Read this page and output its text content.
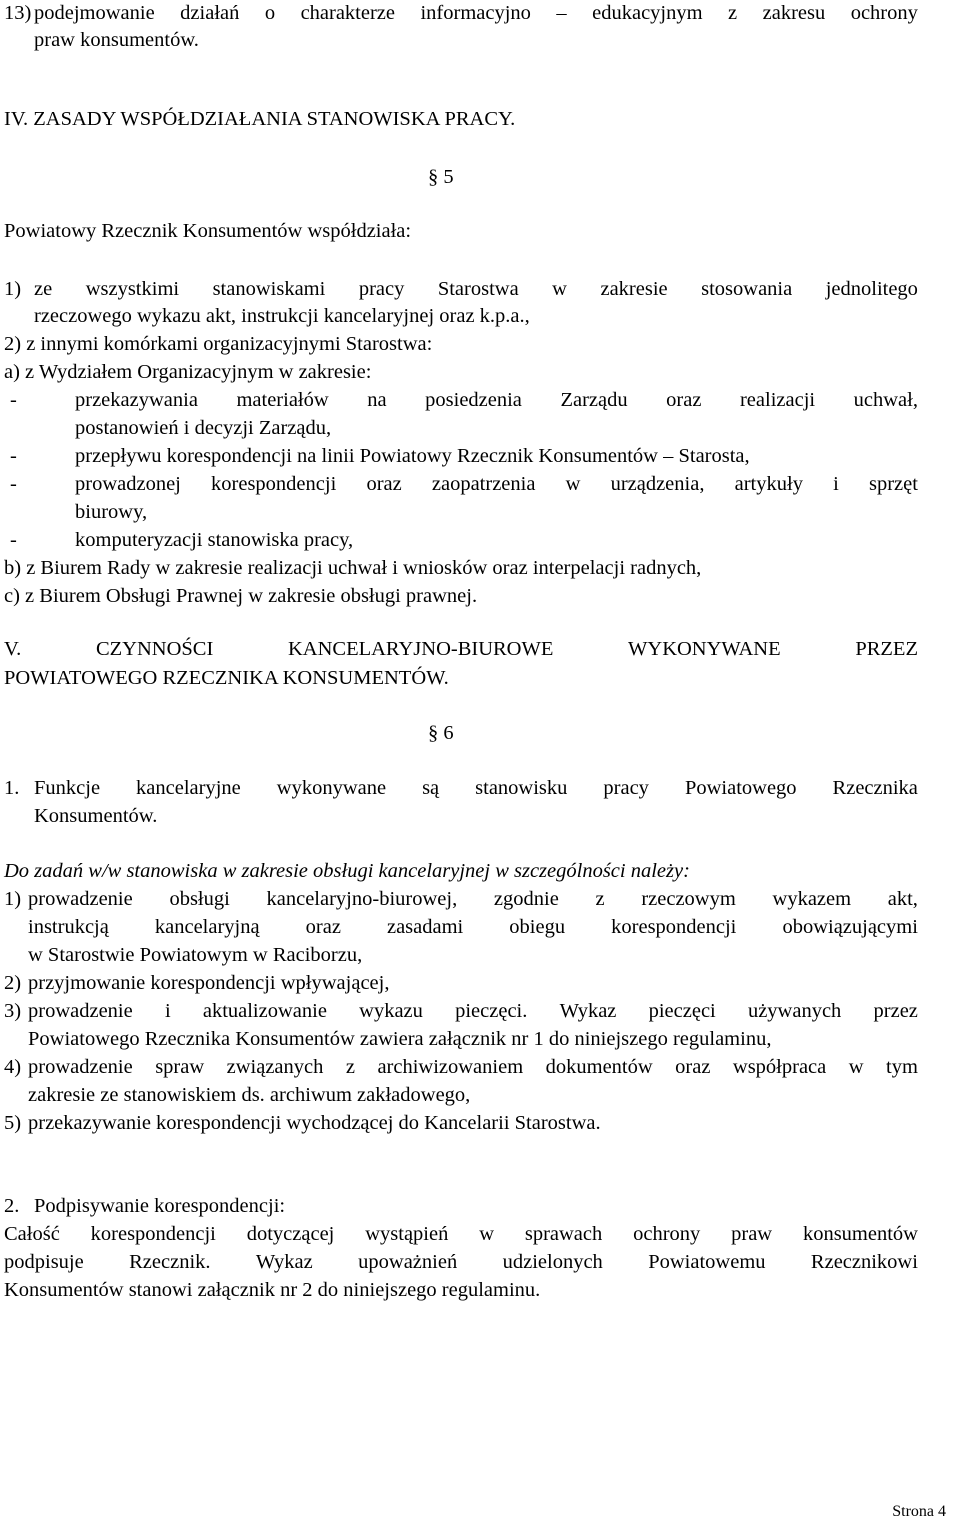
13) podejmowanie działań o charakterze informacyjno – edukacyjnym z zakresu ochrony
praw konsumentów.
IV. ZASADY WSPÓŁDZIAŁANIA STANOWISKA PRACY.
§ 5
Powiatowy Rzecznik Konsumentów współdziała:
1) ze wszystkimi stanowiskami pracy Starostwa w zakresie stosowania jednolitego
rzeczowego wykazu akt, instrukcji kancelaryjnej oraz k.p.a.,
2) z innymi komórkami organizacyjnymi Starostwa:
a) z Wydziałem Organizacyjnym w zakresie:
-	przekazywania materiałów na posiedzenia Zarządu oraz realizacji uchwał,
postanowień i decyzji Zarządu,
-	przepływu korespondencji na linii Powiatowy Rzecznik Konsumentów – Starosta,
-	prowadzonej korespondencji oraz zaopatrzenia w urządzenia, artykuły i sprzęt
biurowy,
-	komputeryzacji stanowiska pracy,
b) z Biurem Rady w zakresie realizacji uchwał i wniosków oraz interpelacji radnych,
c) z Biurem Obsługi Prawnej w zakresie obsługi prawnej.
V.	CZYNNOŚCI	KANCELARYJNO-BIUROWE	WYKONYWANE	PRZEZ
POWIATOWEGO RZECZNIKA KONSUMENTÓW.
§ 6
1. Funkcje kancelaryjne wykonywane są stanowisku pracy Powiatowego Rzecznika
Konsumentów.
Do zadań w/w stanowiska w zakresie obsługi kancelaryjnej w szczególności należy:
1) prowadzenie obsługi kancelaryjno-biurowej, zgodnie z rzeczowym wykazem akt,
instrukcją kancelaryjną oraz zasadami obiegu korespondencji obowiązującymi
w Starostwie Powiatowym w Raciborzu,
2) przyjmowanie korespondencji wpływającej,
3) prowadzenie i aktualizowanie wykazu pieczęci. Wykaz pieczęci używanych przez
Powiatowego Rzecznika Konsumentów zawiera załącznik nr 1 do niniejszego regulaminu,
4) prowadzenie spraw związanych z archiwizowaniem dokumentów oraz współpraca w tym
zakresie ze stanowiskiem ds. archiwum zakładowego,
5) przekazywanie korespondencji wychodzącej do Kancelarii Starostwa.
2. Podpisywanie korespondencji:
Całość korespondencji dotyczącej wystąpień w sprawach ochrony praw konsumentów
podpisuje Rzecznik. Wykaz upoważnień udzielonych Powiatowemu Rzecznikowi
Konsumentów stanowi załącznik nr 2 do niniejszego regulaminu.
Strona 4
